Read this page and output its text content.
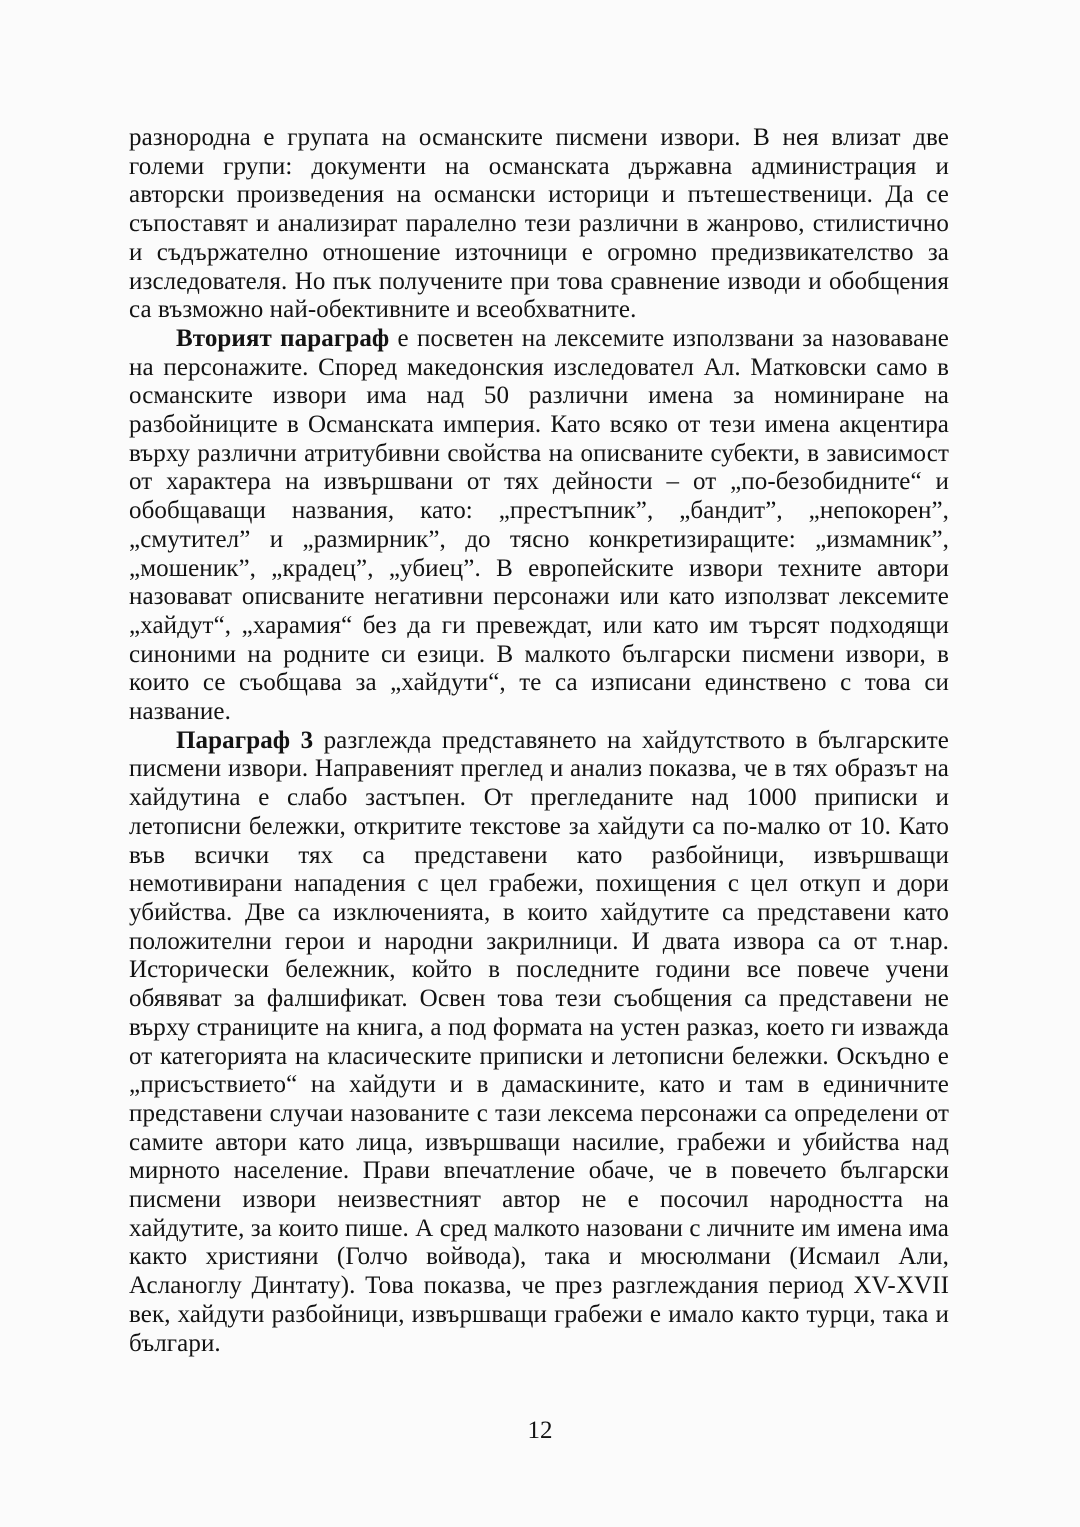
разнородна е групата на османските писмени извори. В нея влизат две големи групи: документи на османската държавна администрация и авторски произведения на османски историци и пътешественици. Да се съпоставят и анализират паралелно тези различни в жанрово, стилистично и съдържателно отношение източници е огромно предизвикателство за изследователя. Но пък получените при това сравнение изводи и обобщения са възможно най-обективните и всеобхватните.

Вторият параграф е посветен на лексемите използвани за назоваване на персонажите. Според македонския изследовател Ал. Матковски само в османските извори има над 50 различни имена за номиниране на разбойниците в Османската империя. Като всяко от тези имена акцентира върху различни атритубивни свойства на описваните субекти, в зависимост от характера на извършвани от тях дейности – от „по-безобидните“ и обобщаващи названия, като: „престъпник”, „бандит”, „непокорен”, „смутител” и „размирник”, до тясно конкретизиращите: „измамник”, „мошеник”, „крадец”, „убиец”. В европейските извори техните автори назовават описваните негативни персонажи или като използват лексемите „хайдут“, „харамия“ без да ги превеждат, или като им търсят подходящи синоними на родните си езици. В малкото български писмени извори, в които се съобщава за „хайдути“, те са изписани единствено с това си название.

Параграф 3 разглежда представянето на хайдутството в българските писмени извори. Направеният преглед и анализ показва, че в тях образът на хайдутина е слабо застъпен. От прегледаните над 1000 приписки и летописни бележки, откритите текстове за хайдути са по-малко от 10. Като във всички тях са представени като разбойници, извършващи немотивирани нападения с цел грабежи, похищения с цел откуп и дори убийства. Две са изключенията, в които хайдутите са представени като положителни герои и народни закрилници. И двата извора са от т.нар. Исторически бележник, който в последните години все повече учени обявяват за фалшификат. Освен това тези съобщения са представени не върху страниците на книга, а под формата на устен разказ, което ги изважда от категорията на класическите приписки и летописни бележки. Оскъдно е „присъствието“ на хайдути и в дамаскините, като и там в единичните представени случаи назованите с тази лексема персонажи са определени от самите автори като лица, извършващи насилие, грабежи и убийства над мирното население. Прави впечатление обаче, че в повечето български писмени извори неизвестният автор не е посочил народността на хайдутите, за които пише. А сред малкото назовани с личните им имена има както християни (Голчо войвода), така и мюсюлмани (Исмаил Али, Асланоглу Динтату). Това показва, че през разглеждания период XV-XVII век, хайдути разбойници, извършващи грабежи е имало както турци, така и българи.

12
